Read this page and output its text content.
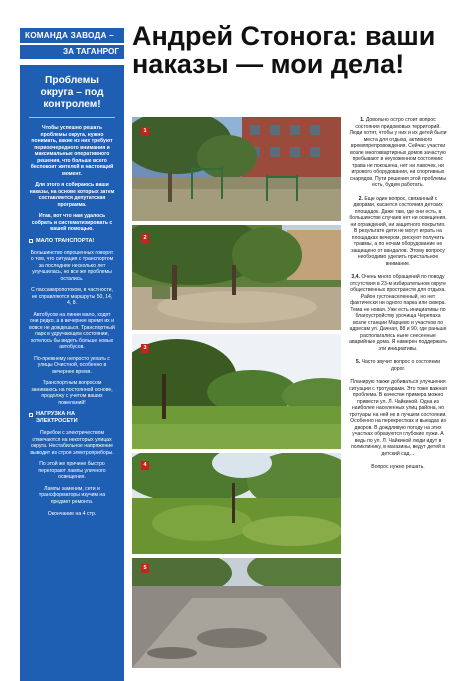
КОМАНДА ЗАВОДА –
ЗА ТАГАНРОГ
Андрей Стонога: ваши наказы — мои дела!
Проблемы округа – под контролем!

Чтобы успешно решать проблемы округа, нужно понимать, какие из них требуют первоочередного внимания и максимальные оперативного решения, что больше всего беспокоит жителей в настоящий момент.

Для этого я собираюсь ваши наказы, на основе которых затем составляется депутатская программа.

Итак, вот что нам удалось собрать и систематизировать с вашей помощью.

МАЛО ТРАНСПОРТА!

Большинство опрошенных говорят о том, что ситуация с транспортом за последние несколько лет улучшилась, но все же проблемы остались.

С пассажиропотоком, в частности, не справляются маршруты 50, 14, 4, 8.

Автобусов на линии мало, ходят они редко, а в вечернее время их и вовсе не дождешься. Транспортный парк в удручающем состоянии, хотелось бы видеть больше новых автобусов.

По-прежнему непросто уехать с улицы Очистной, особенно в вечернее время.

Транспортным вопросом занимаюсь на постоянной основе, продолжу с учетом ваших пожеланий!

НАГРУЗКА НА ЭЛЕКТРОСЕТИ

Перебои с электричеством отмечаются на некоторых улицах округа. Нестабильное напряжение выводит из строя электроприборы.

По этой же причине быстро перегорают лампы уличного освещения.

Лампы заменим, сети и трансформаторы изучим на предмет ремонта.

Окончание на 4 стр.
1
2
3
4
5

1. Довольно остро стоит вопрос состояния придомовых территорий. Люди хотят, чтобы у них и их детей были места для отдыха, активного времяпрепровождения. Сейчас участки возле многоквартирных домов зачастую пребывают в неухоженном состоянии: трава не покошена, нет ни лавочек, ни игрового оборудования, ни спортивных снарядов. Пути решения этой проблемы есть, будем работать.

2. Еще один вопрос, связанный с дворами, касается состояния детских площадок. Даже там, где они есть, в большинстве случаев нет ни освещения, ни ограждений, ни защитного покрытия. В результате дети не могут играть на площадках вечером, рискуют получить травмы, а по ночам оборудование не защищено от вандалов. Этому вопросу необходимо уделить пристальное внимание.

3,4. Очень много обращений по поводу отсутствия в 23-м избирательном округе общественных пространств для отдыха. Район густонаселенный, но нет фактически ни одного парка или сквера. Тема не новая. Уже есть инициативы по благоустройству урочища Черепаха возле станции Марцево и участков по адресам ул. Дачная, 88 и 90, где раньше располагались ныне снесенные аварийные дома. Я намерен поддержать эти инициативы.

5. Часто звучит вопрос о состоянии дорог.

Планирую также добиваться улучшения ситуации с тротуарами. Это тоже важная проблема. В качестве примера можно привести ул. Л. Чайкиной. Одна из наиболее населенных улиц района, но тротуары на ней не в лучшем состоянии. Особенно на перекрестках и выездах из дворов. В дождливую погоду на этих участках образуются глубокие лужи. А ведь по ул. Л. Чайкиной люди идут в поликлинику, в магазины, ведут детей в детский сад…

Вопрос нужно решать.
